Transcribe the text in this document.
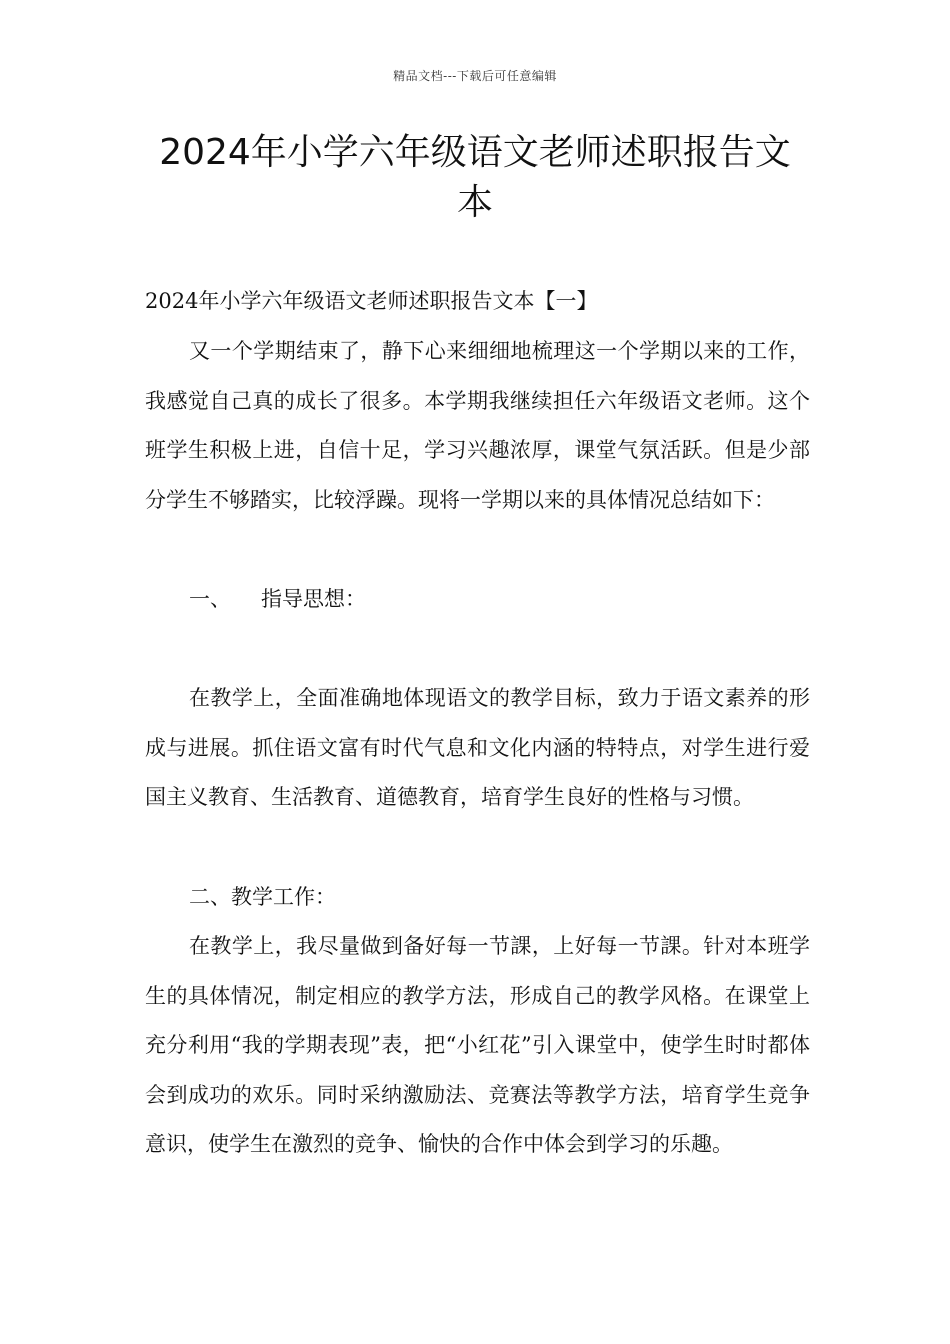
精品文档---下载后可任意编辑
2024年小学六年级语文老师述职报告文本

2024年小学六年级语文老师述职报告文本【一】

又一个学期结束了，静下心来细细地梳理这一个学期以来的工作，我感觉自己真的成长了很多。本学期我继续担任六年级语文老师。这个班学生积极上进，自信十足，学习兴趣浓厚，课堂气氛活跃。但是少部分学生不够踏实，比较浮躁。现将一学期以来的具体情况总结如下：

一、 指导思想：

在教学上，全面准确地体现语文的教学目标，致力于语文素养的形成与进展。抓住语文富有时代气息和文化内涵的特特点，对学生进行爱国主义教育、生活教育、道德教育，培育学生良好的性格与习惯。

二、教学工作：

在教学上，我尽量做到备好每一节課，上好每一节課。针对本班学生的具体情况，制定相应的教学方法，形成自己的教学风格。在课堂上充分利用“我的学期表现”表，把“小红花”引入课堂中，使学生时时都体会到成功的欢乐。同时采纳激励法、竞赛法等教学方法，培育学生竞争意识，使学生在激烈的竞争、愉快的合作中体会到学习的乐趣。
